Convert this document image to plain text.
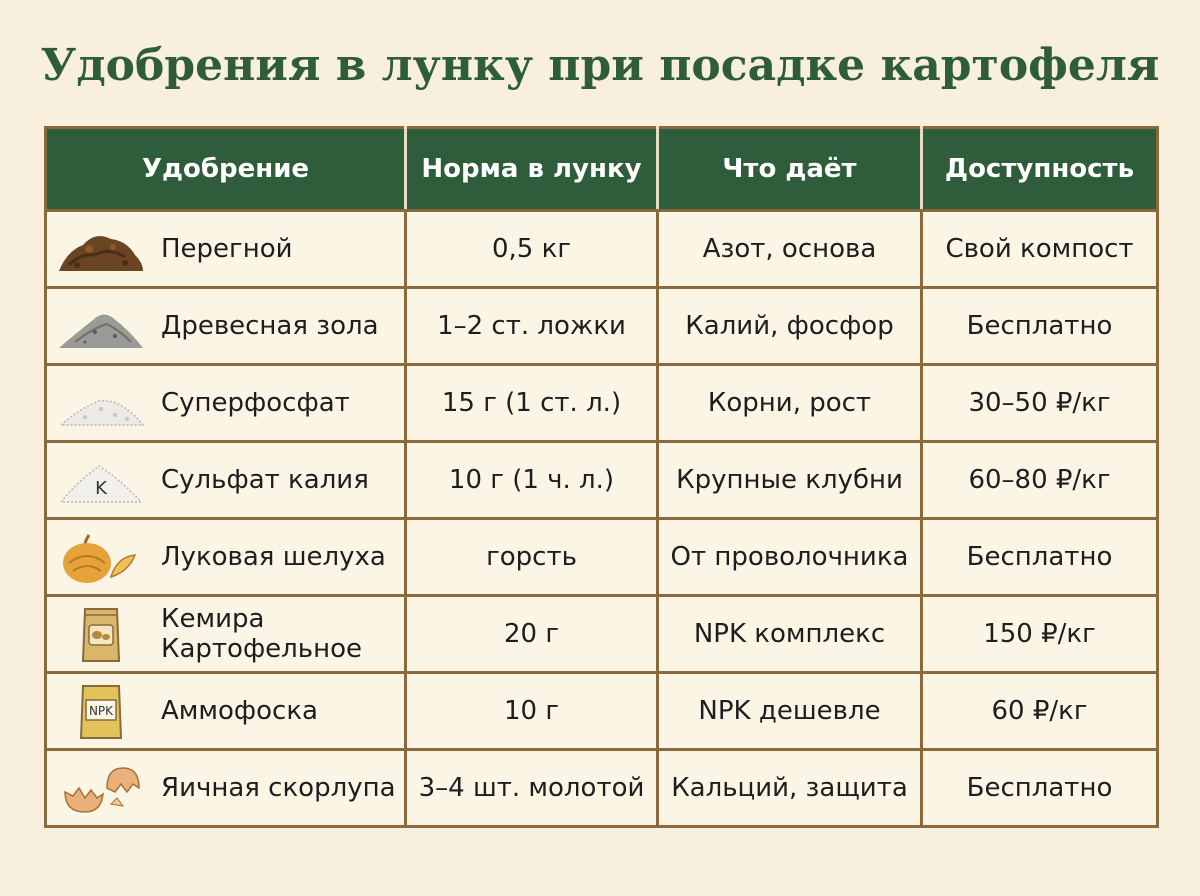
Удобрения в лунку при посадке картофеля
Удобрение	Норма в лунку	Что даёт	Доступность

Перегной	0,5 кг	Азот, основа	Свой компост

Древесная зола	1–2 ст. ложки	Калий, фосфор	Бесплатно

Суперфосфат	15 г (1 ст. л.)	Корни, рост	30–50 ₽/кг

K Сульфат калия	10 г (1 ч. л.)	Крупные клубни	60–80 ₽/кг

Луковая шелуха	горсть	От проволочника	Бесплатно

Кемира
Картофельное	20 г	NPK комплекс	150 ₽/кг

NPK Аммофоска	10 г	NPK дешевле	60 ₽/кг

Яичная скорлупа	3–4 шт. молотой	Кальций, защита	Бесплатно
